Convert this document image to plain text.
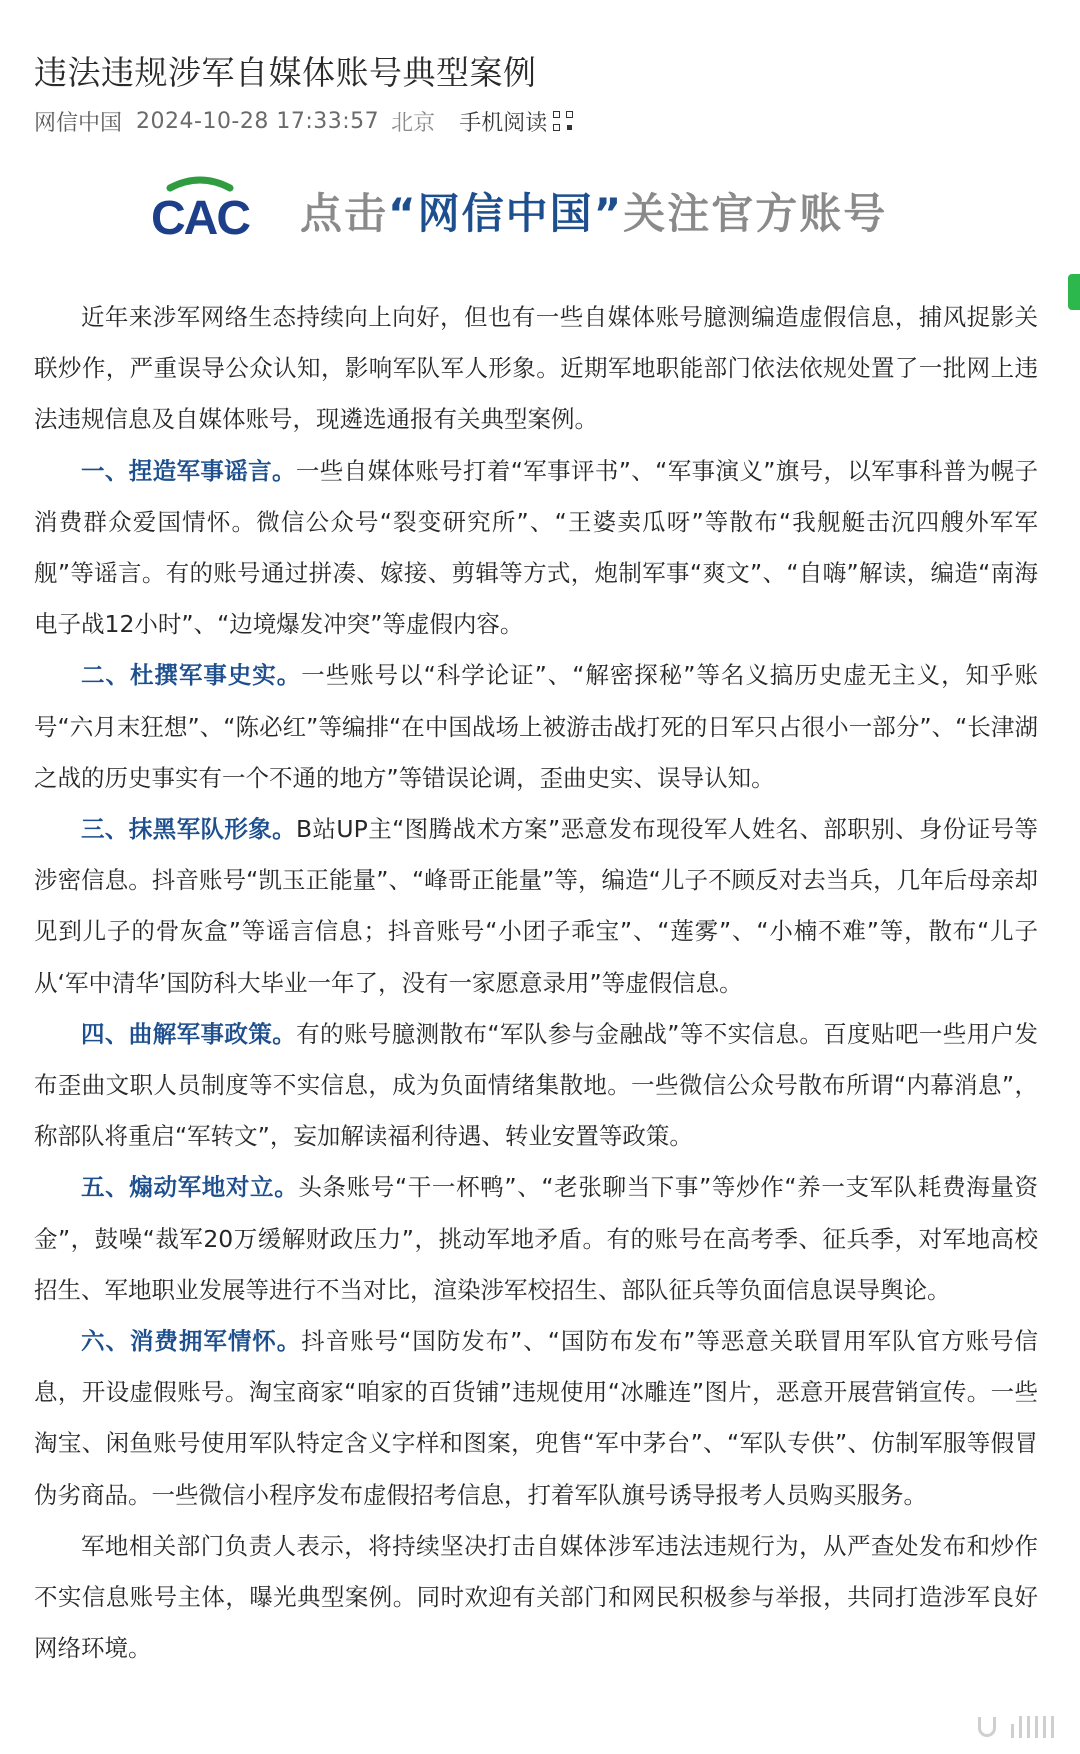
违法违规涉军自媒体账号典型案例
网信中国 2024-10-28 17:33:57 北京 手机阅读
CAC 点击“网信中国”关注官方账号

近年来涉军网络生态持续向上向好，但也有一些自媒体账号臆测编造虚假信息，捕风捉影关联炒作，严重误导公众认知，影响军队军人形象。近期军地职能部门依法依规处置了一批网上违法违规信息及自媒体账号，现遴选通报有关典型案例。

一、捏造军事谣言。一些自媒体账号打着“军事评书”、“军事演义”旗号，以军事科普为幌子消费群众爱国情怀。微信公众号“裂变研究所”、“王婆卖瓜呀”等散布“我舰艇击沉四艘外军军舰”等谣言。有的账号通过拼凑、嫁接、剪辑等方式，炮制军事“爽文”、“自嗨”解读，编造“南海电子战12小时”、“边境爆发冲突”等虚假内容。

二、杜撰军事史实。一些账号以“科学论证”、“解密探秘”等名义搞历史虚无主义，知乎账号“六月末狂想”、“陈必红”等编排“在中国战场上被游击战打死的日军只占很小一部分”、“长津湖之战的历史事实有一个不通的地方”等错误论调，歪曲史实、误导认知。

三、抹黑军队形象。B站UP主“图腾战术方案”恶意发布现役军人姓名、部职别、身份证号等涉密信息。抖音账号“凯玉正能量”、“峰哥正能量”等，编造“儿子不顾反对去当兵，几年后母亲却见到儿子的骨灰盒”等谣言信息；抖音账号“小团子乖宝”、“莲雾”、“小楠不难”等，散布“儿子从‘军中清华’国防科大毕业一年了，没有一家愿意录用”等虚假信息。

四、曲解军事政策。有的账号臆测散布“军队参与金融战”等不实信息。百度贴吧一些用户发布歪曲文职人员制度等不实信息，成为负面情绪集散地。一些微信公众号散布所谓“内幕消息”，称部队将重启“军转文”，妄加解读福利待遇、转业安置等政策。

五、煽动军地对立。头条账号“干一杯鸭”、“老张聊当下事”等炒作“养一支军队耗费海量资金”，鼓噪“裁军20万缓解财政压力”，挑动军地矛盾。有的账号在高考季、征兵季，对军地高校招生、军地职业发展等进行不当对比，渲染涉军校招生、部队征兵等负面信息误导舆论。

六、消费拥军情怀。抖音账号“国防发布”、“国防布发布”等恶意关联冒用军队官方账号信息，开设虚假账号。淘宝商家“咱家的百货铺”违规使用“冰雕连”图片，恶意开展营销宣传。一些淘宝、闲鱼账号使用军队特定含义字样和图案，兜售“军中茅台”、“军队专供”、仿制军服等假冒伪劣商品。一些微信小程序发布虚假招考信息，打着军队旗号诱导报考人员购买服务。

军地相关部门负责人表示，将持续坚决打击自媒体涉军违法违规行为，从严查处发布和炒作不实信息账号主体，曝光典型案例。同时欢迎有关部门和网民积极参与举报，共同打造涉军良好网络环境。
